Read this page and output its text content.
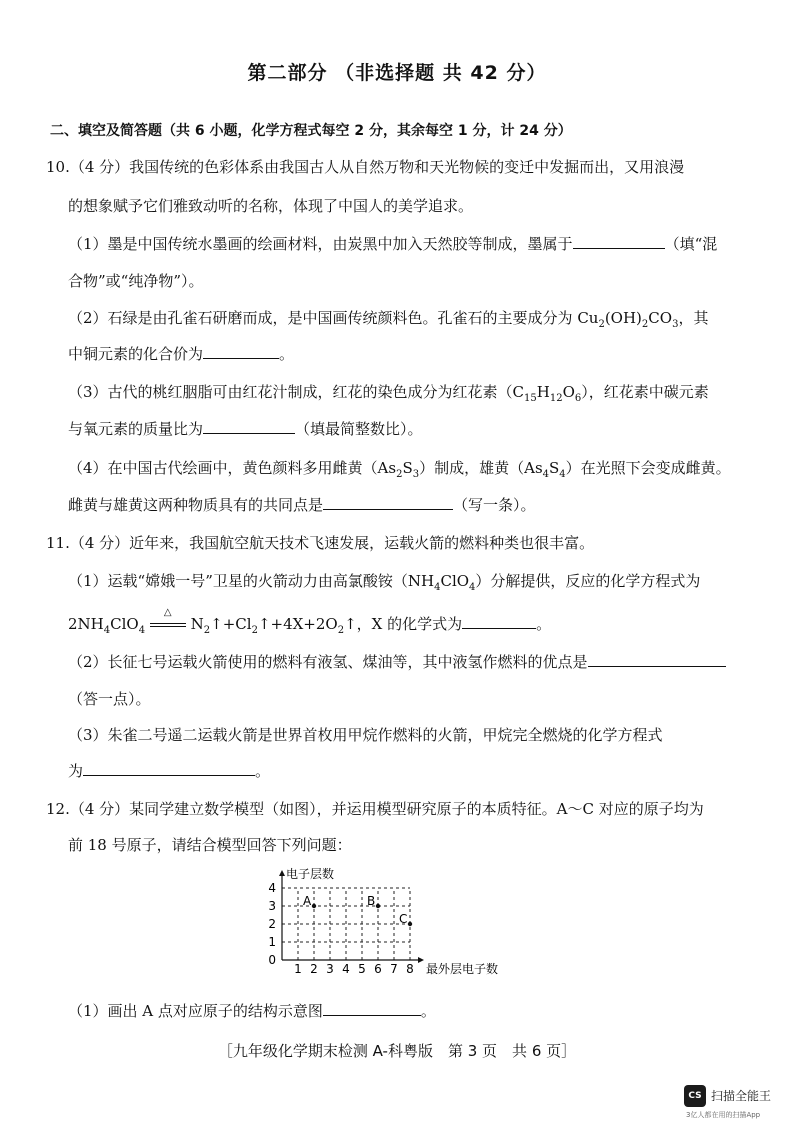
第二部分 （非选择题 共 42 分）
二、填空及简答题（共 6 小题，化学方程式每空 2 分，其余每空 1 分，计 24 分）
10.（4 分）我国传统的色彩体系由我国古人从自然万物和天光物候的变迁中发掘而出，又用浪漫
的想象赋予它们雅致动听的名称，体现了中国人的美学追求。
（1）墨是中国传统水墨画的绘画材料，由炭黑中加入天然胶等制成，墨属于	（填“混
合物”或“纯净物”）。
（2）石绿是由孔雀石研磨而成，是中国画传统颜料色。孔雀石的主要成分为 $Cu_2(OH)_2CO_3$，其
中铜元素的化合价为	。
（3）古代的桃红胭脂可由红花汁制成，红花的染色成分为红花素$(C_{15}H_{12}O_6)$，红花素中碳元素
与氧元素的质量比为	（填最简整数比）。
（4）在中国古代绘画中，黄色颜料多用雌黄$(As_2S_3)$制成，雄黄$(As_4S_4)$在光照下会变成雌黄。
雌黄与雄黄这两种物质具有的共同点是	（写一条）。
11.（4 分）近年来，我国航空航天技术飞速发展，运载火箭的燃料种类也很丰富。
（1）运载“嫦娥一号”卫星的火箭动力由高氯酸铵$(NH_4ClO_4)$分解提供，反应的化学方程式为
$2NH_4ClO_4$
△
$N_2↑+Cl_2↑+4X+2O_2↑$，X 的化学式为	。
（2）长征七号运载火箭使用的燃料有液氢、煤油等，其中液氢作燃料的优点是
（答一点）。
（3）朱雀二号遥二运载火箭是世界首枚用甲烷作燃料的火箭，甲烷完全燃烧的化学方程式
为	。
12.（4 分）某同学建立数学模型（如图），并运用模型研究原子的本质特征。A～C 对应的原子均为
前 18 号原子，请结合模型回答下列问题：
1 2 3 4 5 6 7 8
0
1
2
3
4
电子层数
最外层电子数
A	B
C
（1）画出 A 点对应原子的结构示意图	。
［九年级化学期末检测 A-科粤版　第 3 页　共 6 页］
CS 扫描全能王
3亿人都在用的扫描App
